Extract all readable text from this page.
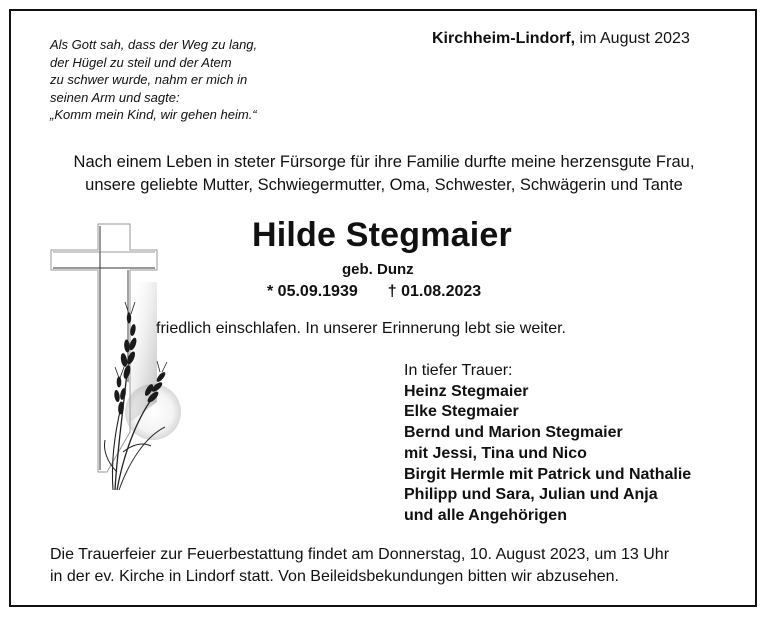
Als Gott sah, dass der Weg zu lang,
der Hügel zu steil und der Atem
zu schwer wurde, nahm er mich in
seinen Arm und sagte:
„Komm mein Kind, wir gehen heim.“
Kirchheim-Lindorf, im August 2023
Nach einem Leben in steter Fürsorge für ihre Familie durfte meine herzensgute Frau,
unsere geliebte Mutter, Schwiegermutter, Oma, Schwester, Schwägerin und Tante
Hilde Stegmaier
geb. Dunz
* 05.09.1939 † 01.08.2023
friedlich einschlafen. In unserer Erinnerung lebt sie weiter.
In tiefer Trauer:
Heinz Stegmaier
Elke Stegmaier
Bernd und Marion Stegmaier
mit Jessi, Tina und Nico
Birgit Hermle mit Patrick und Nathalie
Philipp und Sara, Julian und Anja
und alle Angehörigen
Die Trauerfeier zur Feuerbestattung findet am Donnerstag, 10. August 2023, um 13 Uhr
in der ev. Kirche in Lindorf statt. Von Beileidsbekundungen bitten wir abzusehen.
